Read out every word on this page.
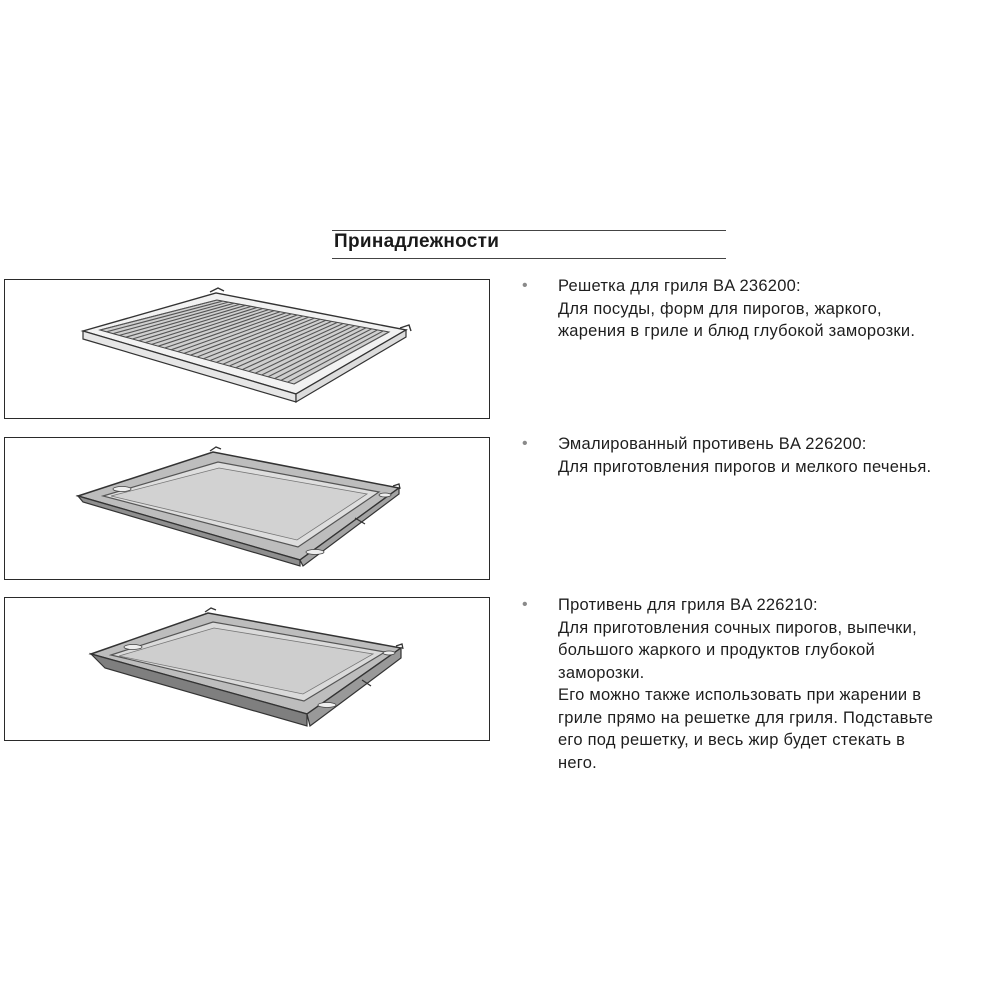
Принадлежности
•	Решетка для гриля BA 236200:
Для посуды, форм для пирогов, жаркого,
жарения в гриле и блюд глубокой заморозки.
•	Эмалированный противень BA 226200:
Для приготовления пирогов и мелкого печенья.
•	Противень для гриля BA 226210:
Для приготовления сочных пирогов, выпечки,
большого жаркого и продуктов глубокой
заморозки.
Его можно также использовать при жарении в
гриле прямо на решетке для гриля. Подставьте
его под решетку, и весь жир будет стекать в
него.
